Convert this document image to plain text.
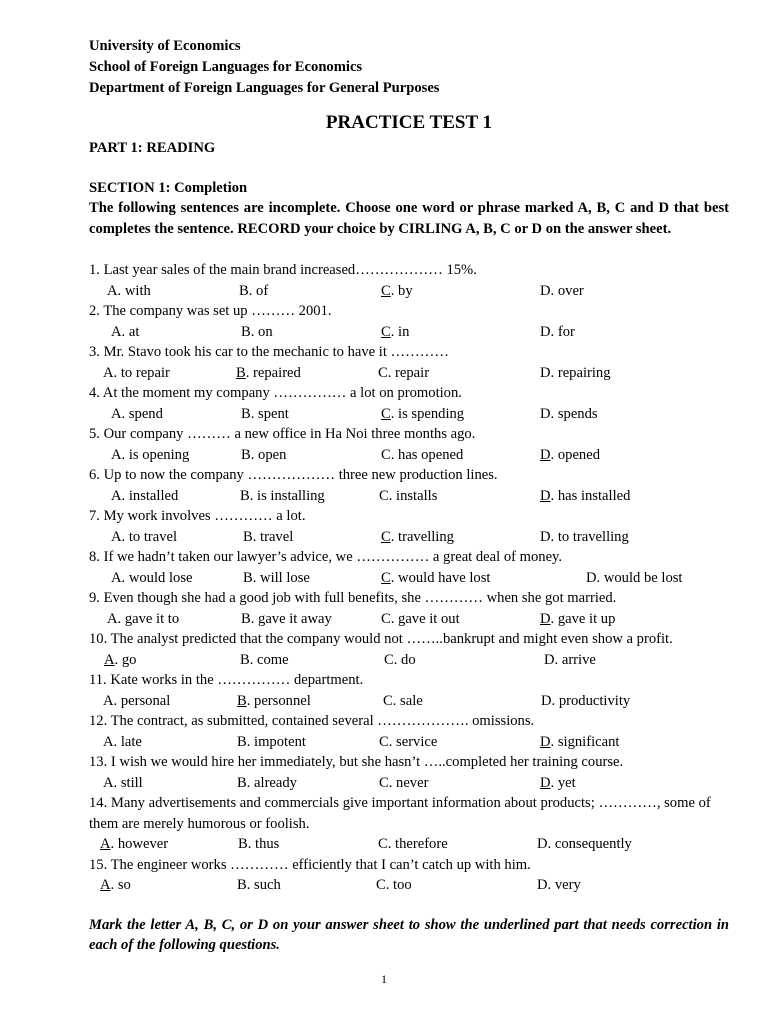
University of Economics
School of Foreign Languages for Economics
Department of Foreign Languages for General Purposes
PRACTICE TEST 1
PART 1: READING
SECTION 1: Completion
The following sentences are incomplete. Choose one word or phrase marked A, B, C and D that best completes the sentence. RECORD your choice by CIRLING A, B, C or D on the answer sheet.
1. Last year sales of the main brand increased……………… 15%.
A. with	B. of	C. by	D. over
2. The company was set up ……… 2001.
A. at	B. on	C. in	D. for
3. Mr. Stavo took his car to the mechanic to have it …………
A. to repair	B. repaired	C. repair	D. repairing
4. At the moment my company …………… a lot on promotion.
A. spend	B. spent	C. is spending	D. spends
5. Our company ……… a new office in Ha Noi three months ago.
A. is opening	B. open	C. has opened	D. opened
6. Up to now the company ……………… three new production lines.
A. installed	B. is installing	C. installs	D. has installed
7. My work involves ………… a lot.
A. to travel	B. travel	C. travelling	D. to travelling
8. If we hadn’t taken our lawyer’s advice, we …………… a great deal of money.
A. would lose	B. will lose	C. would have lost	D. would be lost
9. Even though she had a good job with full benefits, she ………… when she got married.
A. gave it to	B. gave it away	C. gave it out	D. gave it up
10. The analyst predicted that the company would not ……..bankrupt and might even show a profit.
A. go	B. come	C. do	D. arrive
11. Kate works in the …………… department.
A. personal	B. personnel	C. sale	D. productivity
12. The contract, as submitted, contained several ………………. omissions.
A. late	B. impotent	C. service	D. significant
13. I wish we would hire her immediately, but she hasn’t …..completed her training course.
A. still	B. already	C. never	D. yet
14. Many advertisements and commercials give important information about products; …………, some of them are merely humorous or foolish.
A. however	B. thus	C. therefore	D. consequently
15. The engineer works ………… efficiently that I can’t catch up with him.
A. so	B. such	C. too	D. very
Mark the letter A, B, C, or D on your answer sheet to show the underlined part that needs correction in each of the following questions.
1
